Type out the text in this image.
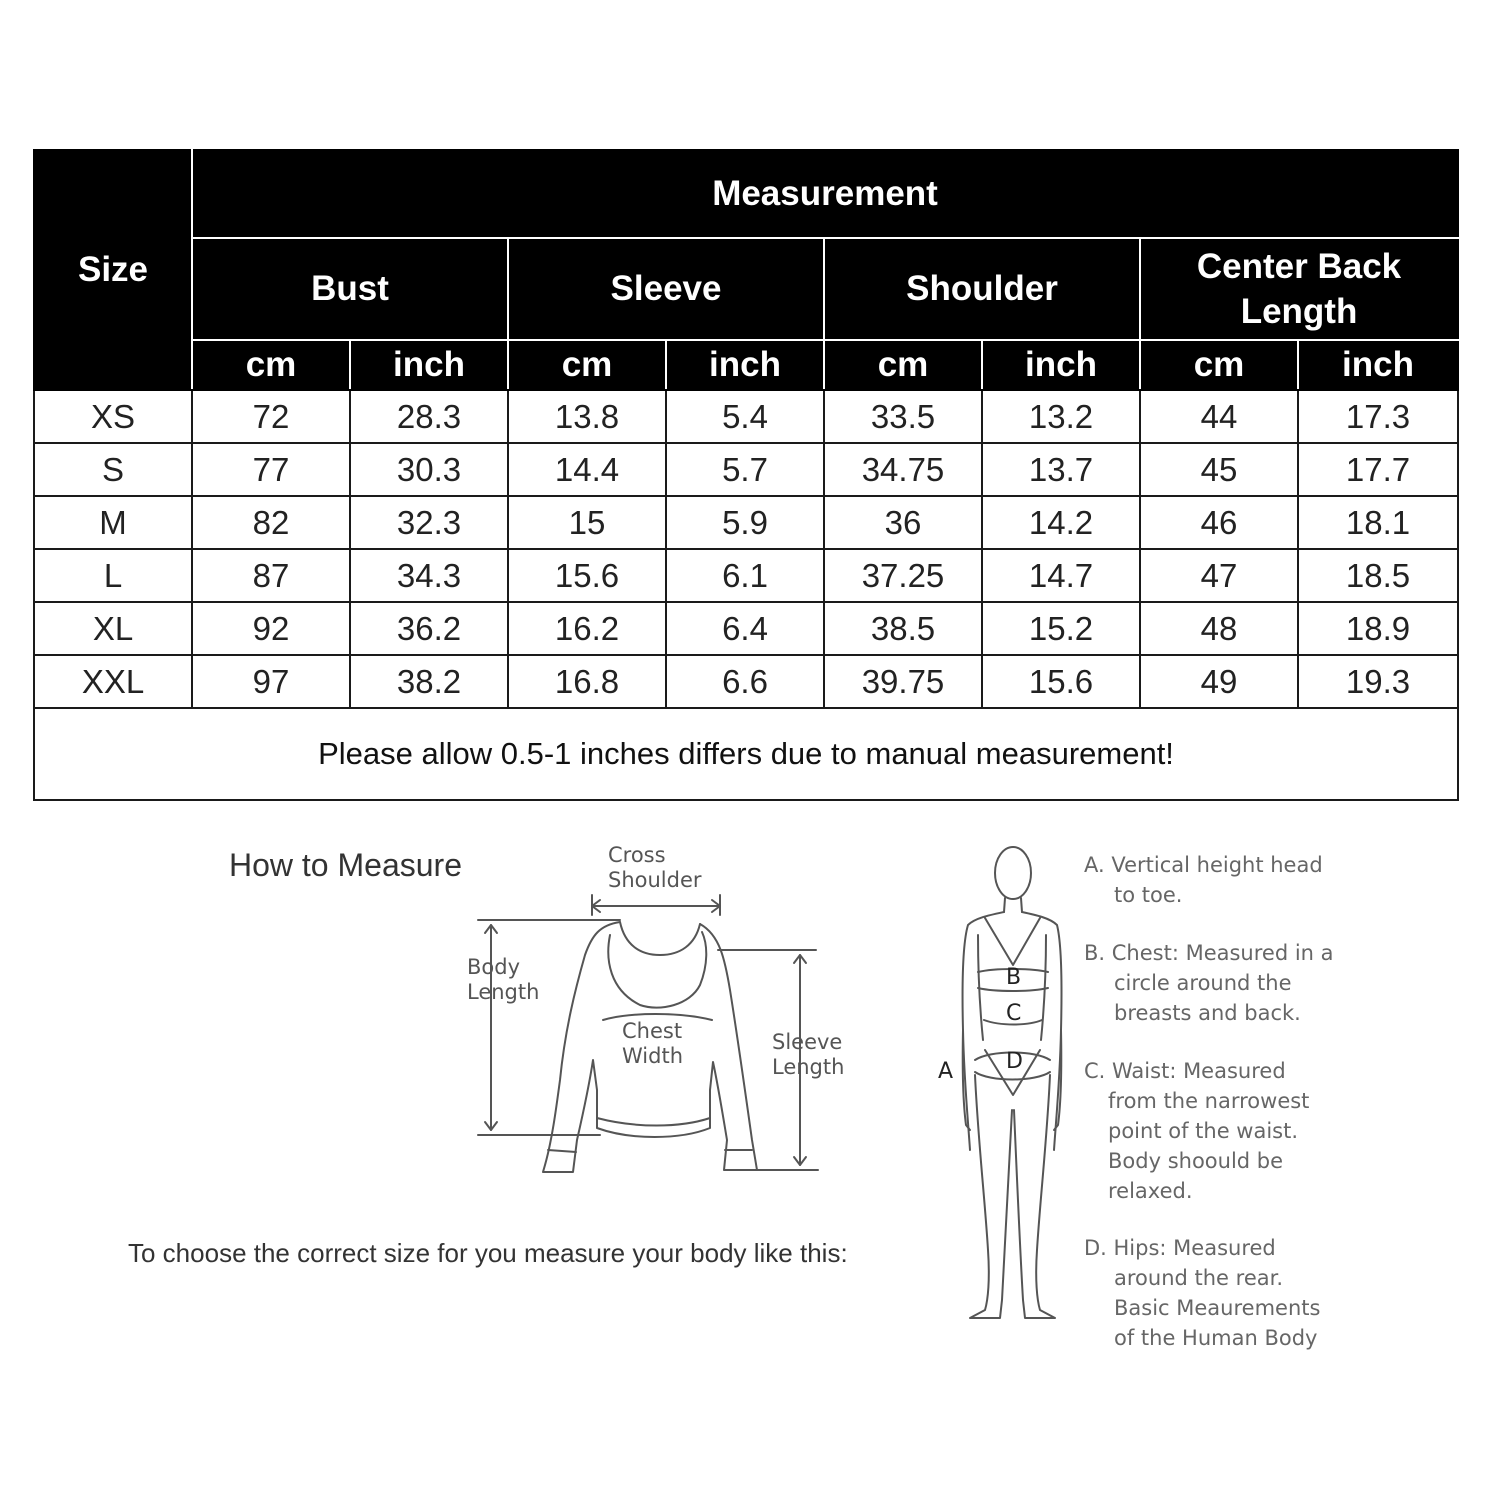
Size	Measurement							
	Bust		Sleeve		Shoulder		Center Back Length	
	cm	inch	cm	inch	cm	inch	cm	inch
XS	72	28.3	13.8	5.4	33.5	13.2	44	17.3
S	77	30.3	14.4	5.7	34.75	13.7	45	17.7
M	82	32.3	15	5.9	36	14.2	46	18.1
L	87	34.3	15.6	6.1	37.25	14.7	47	18.5
XL	92	36.2	16.2	6.4	38.5	15.2	48	18.9
XXL	97	38.2	16.8	6.6	39.75	15.6	49	19.3
Please allow 0.5-1 inches differs due to manual measurement!								
How to Measure	Cross
Shoulder
Body
Length
Chest
Width
Sleeve
Length
To choose the correct size for you measure your body like this:
B
C
D
A
A. Vertical height head
to toe.
B. Chest: Measured in a
circle around the
breasts and back.
C. Waist: Measured
from the narrowest
point of the waist.
Body shoould be
relaxed.
D. Hips: Measured
around the rear.
Basic Meaurements
of the Human Body
